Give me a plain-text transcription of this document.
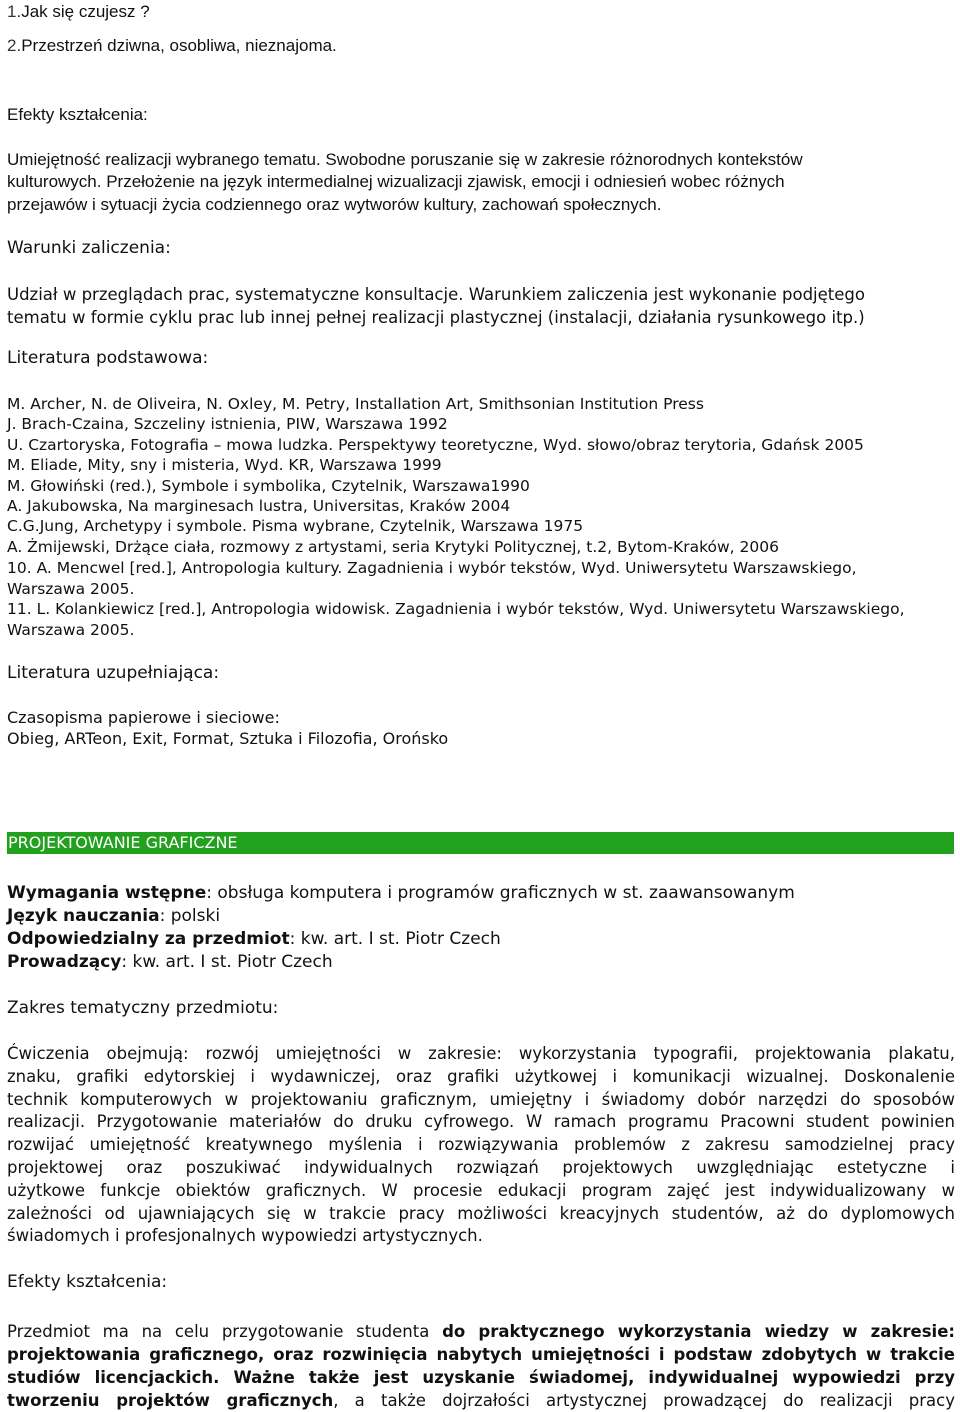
1.Jak się czujesz ?
2.Przestrzeń dziwna, osobliwa, nieznajoma.
Efekty kształcenia:
Umiejętność realizacji wybranego tematu. Swobodne poruszanie się w zakresie różnorodnych kontekstów
kulturowych. Przełożenie na język intermedialnej wizualizacji zjawisk, emocji i odniesień wobec różnych
przejawów i sytuacji życia codziennego oraz wytworów kultury, zachowań społecznych.
Warunki zaliczenia:
Udział w przeglądach prac, systematyczne konsultacje. Warunkiem zaliczenia jest wykonanie podjętego
tematu w formie cyklu prac lub innej pełnej realizacji plastycznej (instalacji, działania rysunkowego itp.)
Literatura podstawowa:
M. Archer, N. de Oliveira, N. Oxley, M. Petry, Installation Art, Smithsonian Institution Press
J. Brach-Czaina, Szczeliny istnienia, PIW, Warszawa 1992
U. Czartoryska, Fotografia – mowa ludzka. Perspektywy teoretyczne, Wyd. słowo/obraz terytoria, Gdańsk 2005
M. Eliade, Mity, sny i misteria, Wyd. KR, Warszawa 1999
M. Głowiński (red.), Symbole i symbolika, Czytelnik, Warszawa1990
A. Jakubowska, Na marginesach lustra, Universitas, Kraków 2004
C.G.Jung, Archetypy i symbole. Pisma wybrane, Czytelnik, Warszawa 1975
A. Żmijewski, Drżące ciała, rozmowy z artystami, seria Krytyki Politycznej, t.2, Bytom-Kraków, 2006
10. A. Mencwel [red.], Antropologia kultury. Zagadnienia i wybór tekstów, Wyd. Uniwersytetu Warszawskiego,
Warszawa 2005.
11. L. Kolankiewicz [red.], Antropologia widowisk. Zagadnienia i wybór tekstów, Wyd. Uniwersytetu Warszawskiego,
Warszawa 2005.
Literatura uzupełniająca:
Czasopisma papierowe i sieciowe:
Obieg, ARTeon, Exit, Format, Sztuka i Filozofia, Orońsko
PROJEKTOWANIE GRAFICZNE
Wymagania wstępne: obsługa komputera i programów graficznych w st. zaawansowanym
Język nauczania: polski
Odpowiedzialny za przedmiot: kw. art. I st. Piotr Czech
Prowadzący: kw. art. I st. Piotr Czech
Zakres tematyczny przedmiotu:
Ćwiczenia obejmują: rozwój umiejętności w zakresie: wykorzystania typografii, projektowania plakatu,
znaku, grafiki edytorskiej i wydawniczej, oraz grafiki użytkowej i komunikacji wizualnej. Doskonalenie
technik komputerowych w projektowaniu graficznym, umiejętny i świadomy dobór narzędzi do sposobów
realizacji. Przygotowanie materiałów do druku cyfrowego. W ramach programu Pracowni student powinien
rozwijać umiejętność kreatywnego myślenia i rozwiązywania problemów z zakresu samodzielnej pracy
projektowej oraz poszukiwać indywidualnych rozwiązań projektowych uwzględniając estetyczne i
użytkowe funkcje obiektów graficznych. W procesie edukacji program zajęć jest indywidualizowany w
zależności od ujawniających się w trakcie pracy możliwości kreacyjnych studentów, aż do dyplomowych
świadomych i profesjonalnych wypowiedzi artystycznych.
Efekty kształcenia:
Przedmiot ma na celu przygotowanie studenta do praktycznego wykorzystania wiedzy w zakresie:
projektowania graficznego, oraz rozwinięcia nabytych umiejętności i podstaw zdobytych w trakcie
studiów licencjackich. Ważne także jest uzyskanie świadomej, indywidualnej wypowiedzi przy
tworzeniu projektów graficznych, a także dojrzałości artystycznej prowadzącej do realizacji pracy
